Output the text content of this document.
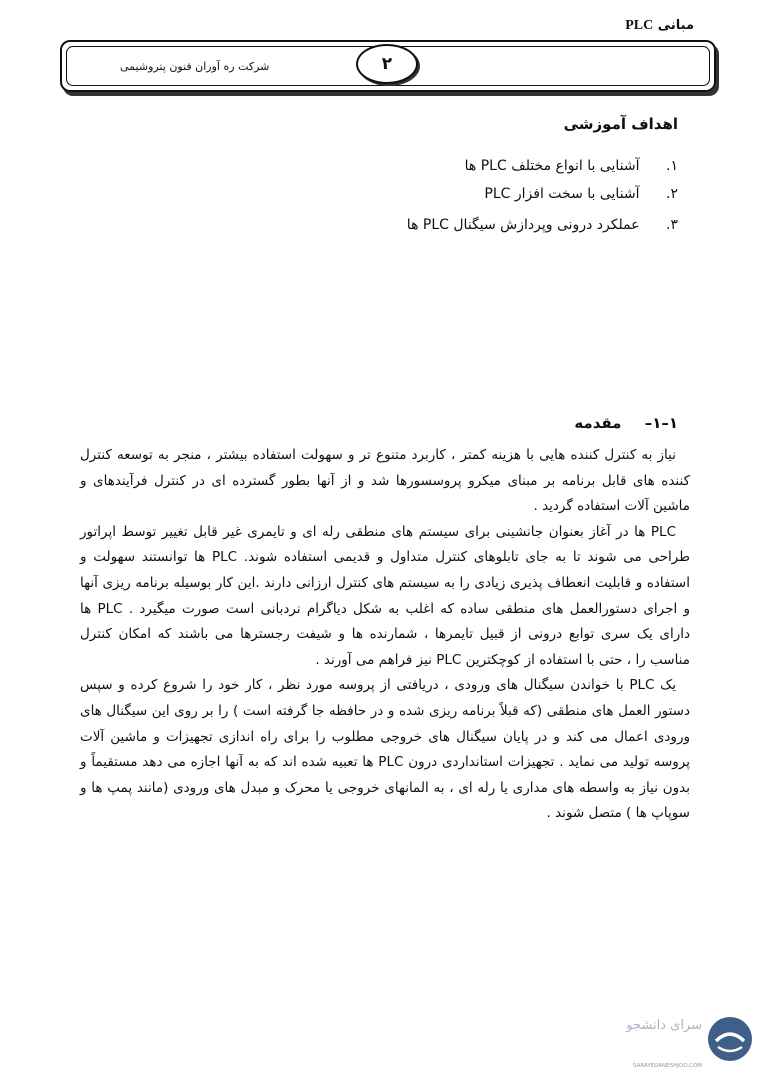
مبانی PLC
شرکت ره آوران فنون پتروشیمی	۲
اهداف آموزشی
۱. آشنایی با انواع مختلف PLC ها
۲. آشنایی با سخت افزار PLC
۳. عملکرد درونی وپردازش سیگنال PLC ها
۱–۱– مقدمه

نیاز به کنترل کننده هایی با هزینه کمتر ، کاربرد متنوع تر و سهولت استفاده بیشتر ، منجر به توسعه کنترل کننده های قابل برنامه بر مبنای میکرو پروسسورها شد و از آنها بطور گسترده ای در کنترل فرآیندهای و ماشین آلات استفاده گردید .

PLC ها در آغاز بعنوان جانشینی برای سیستم های منطقی رله ای و تایمری غیر قابل تغییر توسط اپراتور طراحی می شوند تا به جای تابلوهای کنترل متداول و قدیمی استفاده شوند. PLC ها توانستند سهولت و استفاده و قابلیت انعطاف پذیری زیادی را به سیستم های کنترل ارزانی دارند .این کار بوسیله برنامه ریزی آنها و اجرای دستورالعمل های منطقی ساده که اغلب به شکل دیاگرام نردبانی است صورت میگیرد . PLC ها دارای یک سری توابع درونی از قبیل تایمرها ، شمارنده ها و شیفت رجسترها می باشند که امکان کنترل مناسب را ، حتی با استفاده از کوچکترین PLC نیز فراهم می آورند .

یک PLC با خواندن سیگنال های ورودی ، دریافتی از پروسه مورد نظر ، کار خود را شروع کرده و سپس دستور العمل های منطقی (که قبلاً برنامه ریزی شده و در حافظه جا گرفته است ) را بر روی این سیگنال های ورودی اعمال می کند و در پایان سیگنال های خروجی مطلوب را برای راه اندازی تجهیزات و ماشین آلات پروسه تولید می نماید . تجهیزات استانداردی درون PLC ها تعبیه شده اند که به آنها اجازه می دهد مستقیماً و بدون نیاز به واسطه های مداری یا رله ای ، به المانهای خروجی یا محرک و مبدل های ورودی (مانند پمپ ها و سوپاپ ها ) متصل شوند .

سرای دانشجو
SARAYEDANESHJOO.COM
